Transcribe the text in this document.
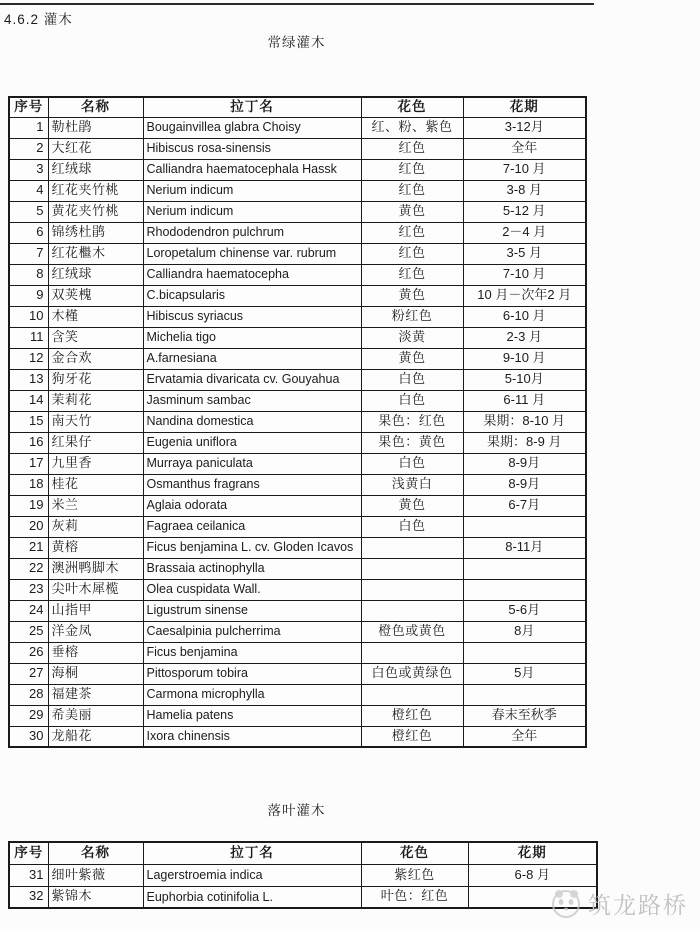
4.6.2 灌木
常绿灌木
序号	名称	拉丁名	花色	花期
1	勒杜鹃	Bougainvillea glabra Choisy	红、粉、紫色	3-12月
2	大红花	Hibiscus rosa-sinensis	红色	全年
3	红绒球	Calliandra haematocephala Hassk	红色	7-10 月
4	红花夹竹桃	Nerium indicum	红色	3-8 月
5	黄花夹竹桃	Nerium indicum	黄色	5-12 月
6	锦绣杜鹃	Rhododendron pulchrum	红色	2－4 月
7	红花檵木	Loropetalum chinense var. rubrum	红色	3-5 月
8	红绒球	Calliandra haematocepha	红色	7-10 月
9	双荚槐	C.bicapsularis	黄色	10 月－次年2 月
10	木槿	Hibiscus syriacus	粉红色	6-10 月
11	含笑	Michelia tigo	淡黄	2-3 月
12	金合欢	A.farnesiana	黄色	9-10 月
13	狗牙花	Ervatamia divaricata cv. Gouyahua	白色	5-10月
14	茉莉花	Jasminum sambac	白色	6-11 月
15	南天竹	Nandina domestica	果色：红色	果期：8-10 月
16	红果仔	Eugenia uniflora	果色：黄色	果期：8-9 月
17	九里香	Murraya paniculata	白色	8-9月
18	桂花	Osmanthus fragrans	浅黄白	8-9月
19	米兰	Aglaia odorata	黄色	6-7月
20	灰莉	Fagraea ceilanica	白色	
21	黄榕	Ficus benjamina L. cv. Gloden Icavos		8-11月
22	澳洲鸭脚木	Brassaia actinophylla		
23	尖叶木犀榄	Olea cuspidata Wall.		
24	山指甲	Ligustrum sinense		5-6月
25	洋金凤	Caesalpinia pulcherrima	橙色或黄色	8月
26	垂榕	Ficus benjamina		
27	海桐	Pittosporum tobira	白色或黄绿色	5月
28	福建茶	Carmona microphylla		
29	希美丽	Hamelia patens	橙红色	春末至秋季
30	龙船花	Ixora chinensis	橙红色	全年
落叶灌木
序号	名称	拉丁名	花色	花期
31	细叶紫薇	Lagerstroemia indica	紫红色	6-8 月
32	紫锦木	Euphorbia cotinifolia L.	叶色：红色		筑龙路桥
